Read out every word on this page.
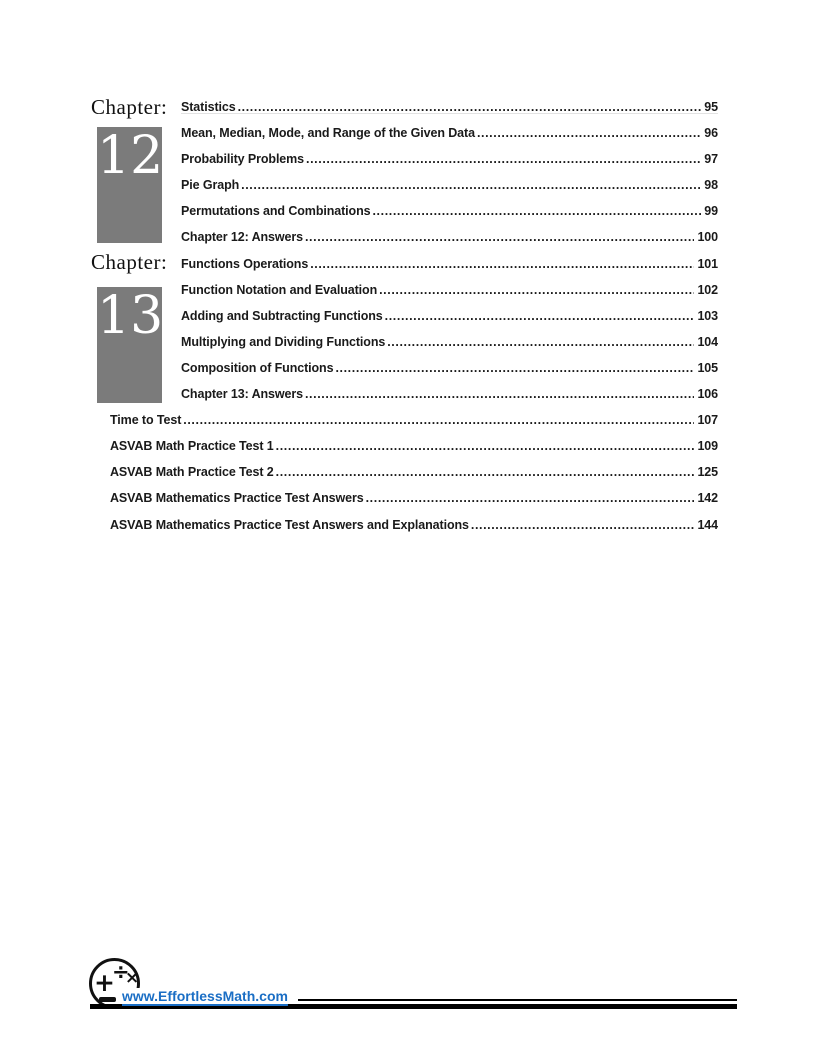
Chapter:
12
Chapter:
13
Statistics .....	95
Mean, Median, Mode, and Range of the Given Data .....	96
Probability Problems .....	97
Pie Graph .....	98
Permutations and Combinations .....	99
Chapter 12: Answers .....	100
Functions Operations .....	101
Function Notation and Evaluation .....	102
Adding and Subtracting Functions .....	103
Multiplying and Dividing Functions .....	104
Composition of Functions .....	105
Chapter 13: Answers .....	106
Time to Test .....	107
ASVAB Math Practice Test 1 .....	109
ASVAB Math Practice Test 2 .....	125
ASVAB Mathematics Practice Test Answers .....	142
ASVAB Mathematics Practice Test Answers and Explanations .....	144
÷
×
+ www.EffortlessMath.com
